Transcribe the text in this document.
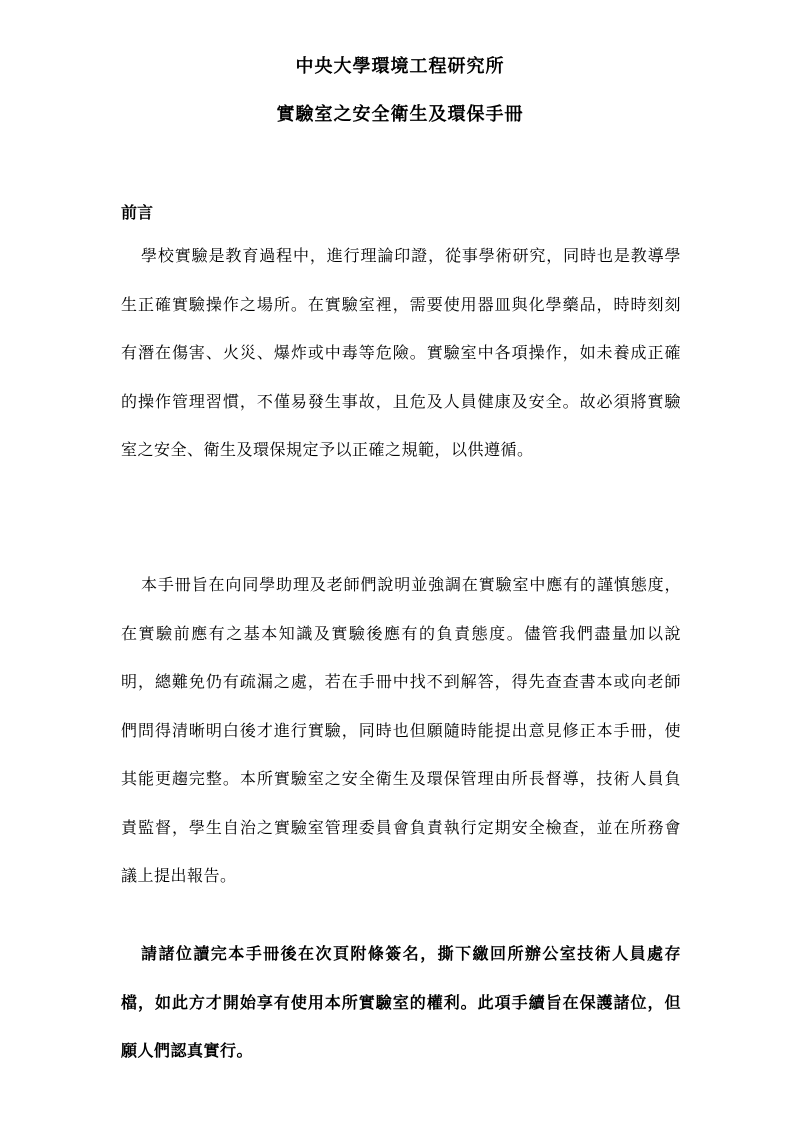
中央大學環境工程研究所
實驗室之安全衛生及環保手冊
前言

學校實驗是教育過程中，進行理論印證，從事學術研究，同時也是教導學生正確實驗操作之場所。在實驗室裡，需要使用器皿與化學藥品，時時刻刻有潛在傷害、火災、爆炸或中毒等危險。實驗室中各項操作，如未養成正確的操作管理習慣，不僅易發生事故，且危及人員健康及安全。故必須將實驗室之安全、衛生及環保規定予以正確之規範，以供遵循。

本手冊旨在向同學助理及老師們說明並強調在實驗室中應有的謹慎態度，在實驗前應有之基本知識及實驗後應有的負責態度。儘管我們盡量加以說明，總難免仍有疏漏之處，若在手冊中找不到解答，得先查查書本或向老師們問得清晰明白後才進行實驗，同時也但願隨時能提出意見修正本手冊，使其能更趨完整。本所實驗室之安全衛生及環保管理由所長督導，技術人員負責監督，學生自治之實驗室管理委員會負責執行定期安全檢查，並在所務會議上提出報告。

請諸位讀完本手冊後在次頁附條簽名，撕下繳回所辦公室技術人員處存檔，如此方才開始享有使用本所實驗室的權利。此項手續旨在保護諸位，但願人們認真實行。
